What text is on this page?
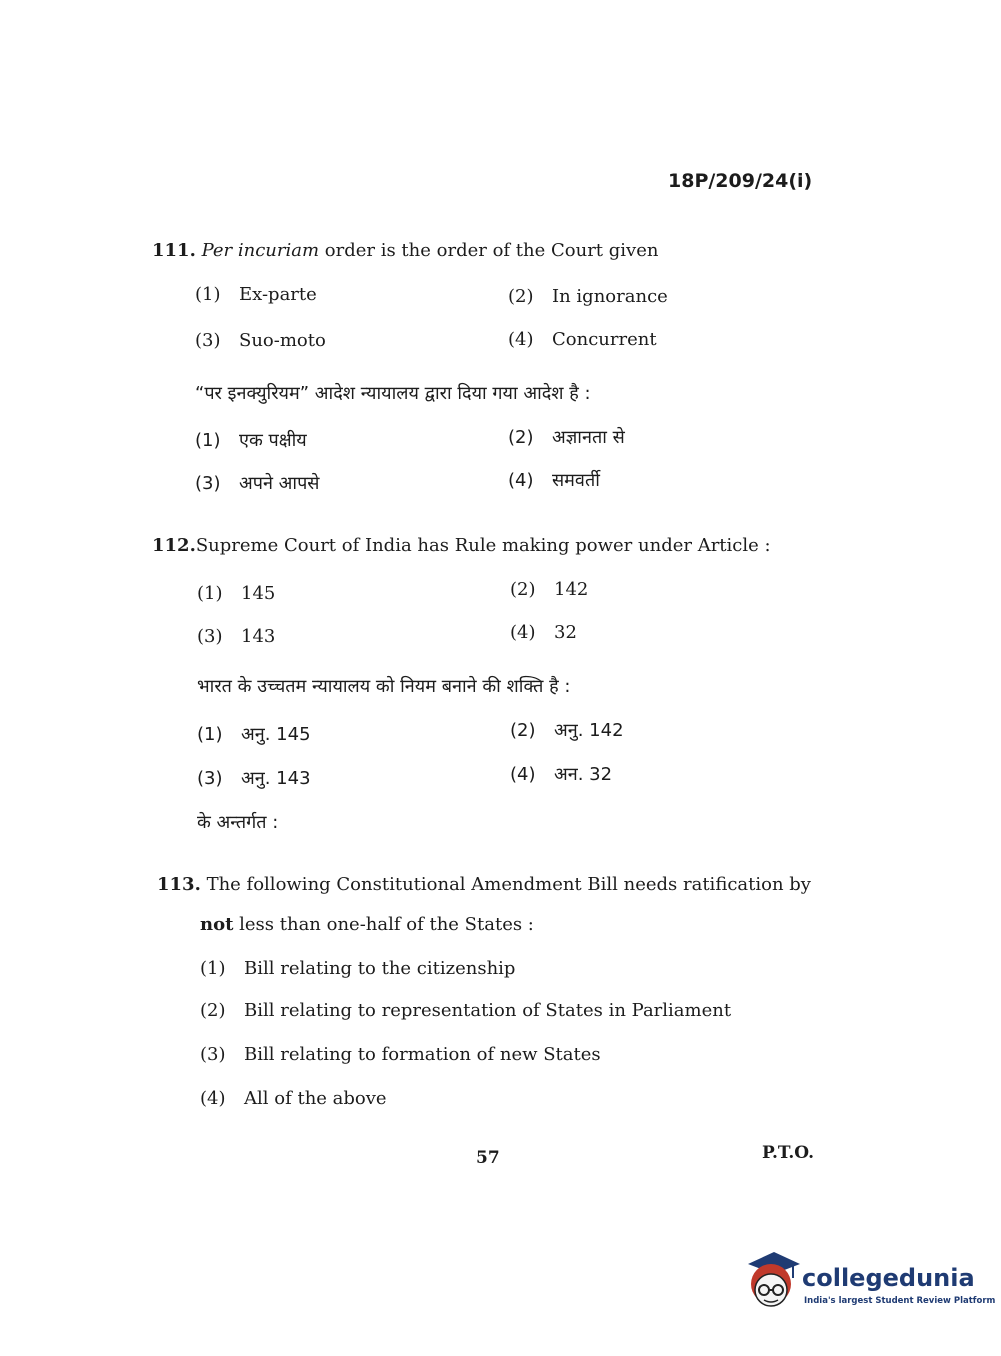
18P/209/24(i)
111. Per incuriam order is the order of the Court given
(1) Ex-parte	(2) In ignorance
(3) Suo-moto	(4) Concurrent
“पर इनक्युरियम” आदेश न्यायालय द्वारा दिया गया आदेश है :
(1) एक पक्षीय	(2) अज्ञानता से
(3) अपने आपसे	(4) समवर्ती
112.Supreme Court of India has Rule making power under Article :
(1) 145	(2) 142
(3) 143	(4) 32
भारत के उच्चतम न्यायालय को नियम बनाने की शक्ति है :
(1) अनु. 145	(2) अनु. 142
(3) अनु. 143	(4) अन. 32
के अन्तर्गत :
113. The following Constitutional Amendment Bill needs ratification by
not less than one-half of the States :
(1) Bill relating to the citizenship
(2) Bill relating to representation of States in Parliament
(3) Bill relating to formation of new States
(4) All of the above
57	P.T.O.
collegedunia
India's largest Student Review Platform
